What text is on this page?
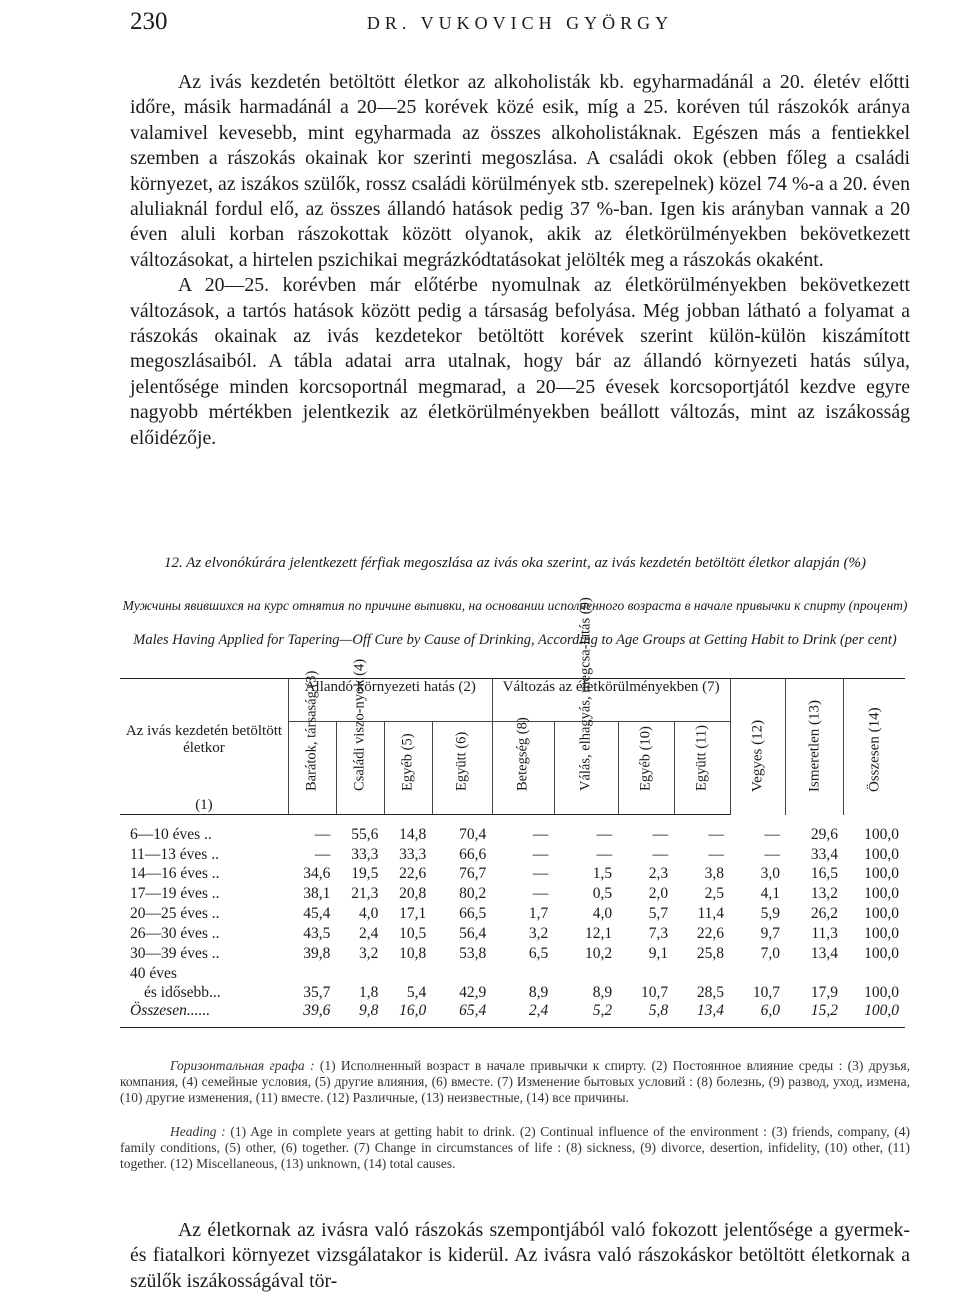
230	DR. VUKOVICH GYÖRGY

Az ivás kezdetén betöltött életkor az alkoholisták kb. egyharmadánál a 20. életév előtti időre, másik harmadánál a 20—25 korévek közé esik, míg a 25. koréven túl rászokók aránya valamivel kevesebb, mint egyharmada az összes alkoholistáknak. Egészen más a fentiekkel szemben a rászokás okainak kor szerinti megoszlása. A családi okok (ebben főleg a családi környezet, az iszákos szülők, rossz családi körülmények stb. szerepelnek) közel 74 %-a a 20. éven aluliaknál fordul elő, az összes állandó hatások pedig 37 %-ban. Igen kis arányban vannak a 20 éven aluli korban rászokottak között olyanok, akik az életkörülményekben bekövetkezett változásokat, a hirtelen pszichikai megrázkódtatásokat jelölték meg a rászokás okaként.

A 20—25. korévben már előtérbe nyomulnak az életkörülményekben bekövetkezett változások, a tartós hatások között pedig a társaság befolyása. Még jobban látható a folyamat a rászokás okainak az ivás kezdetekor betöltött korévek szerint külön-külön kiszámított megoszlásaiból. A tábla adatai arra utalnak, hogy bár az állandó környezeti hatás súlya, jelentősége minden korcsoportnál megmarad, a 20—25 évesek korcsoportjától kezdve egyre nagyobb mértékben jelentkezik az életkörülményekben beállott változás, mint az iszákosság előidézője.

12. Az elvonókúrára jelentkezett férfiak megoszlása az ivás oka szerint, az ivás kezdetén betöltött életkor alapján (%)
Мужчины явившихся на курс отнятия по причине выпивки, на основании исполненного возраста в начале привычки к спирту (процент)
Males Having Applied for Tapering—Off Cure by Cause of Drinking, According to Age Groups at Getting Habit to Drink (per cent)
Az ivás kezdetén betöltött életkor
(1)	Állandó környezeti hatás (2)				Változás az életkörülményekben (7)				Vegyes (12)	Ismeretlen (13)	Összesen (14)

	Barátok, társaság (3)	Családi viszo-nyok (4)	Egyéb (5)	Együtt (6)	Betegség (8)	Válás, elhagyás, megcsa-latás (9)	Egyéb (10)	Együtt (11)			

6—10 éves ..	—	55,6	14,8	70,4	—	—	—	—	—	29,6	100,0
11—13 éves ..	—	33,3	33,3	66,6	—	—	—	—	—	33,4	100,0
14—16 éves ..	34,6	19,5	22,6	76,7	—	1,5	2,3	3,8	3,0	16,5	100,0
17—19 éves ..	38,1	21,3	20,8	80,2	—	0,5	2,0	2,5	4,1	13,2	100,0
20—25 éves ..	45,4	4,0	17,1	66,5	1,7	4,0	5,7	11,4	5,9	26,2	100,0
26—30 éves ..	43,5	2,4	10,5	56,4	3,2	12,1	7,3	22,6	9,7	11,3	100,0
30—39 éves ..	39,8	3,2	10,8	53,8	6,5	10,2	9,1	25,8	7,0	13,4	100,0

40 éves
és idősebb...	35,7	1,8	5,4	42,9	8,9	8,9	10,7	28,5	10,7	17,9	100,0
Összesen......	39,6	9,8	16,0	65,4	2,4	5,2	5,8	13,4	6,0	15,2	100,0

Горизонтальная графа : (1) Исполненный возраст в начале привычки к спирту. (2) Постоянное влияние среды : (3) друзья, компания, (4) семейные условия, (5) другие влияния, (6) вместе. (7) Изменение бытовых условий : (8) болезнь, (9) развод, уход, измена, (10) другие изменения, (11) вместе. (12) Различные, (13) неизвестные, (14) все причины.

Heading : (1) Age in complete years at getting habit to drink. (2) Continual influence of the environment : (3) friends, company, (4) family conditions, (5) other, (6) together. (7) Change in circumstances of life : (8) sickness, (9) divorce, desertion, infidelity, (10) other, (11) together. (12) Miscellaneous, (13) unknown, (14) total causes.

Az életkornak az ivásra való rászokás szempontjából való fokozott jelentősége a gyermek- és fiatalkori környezet vizsgálatakor is kiderül. Az ivásra való rászokáskor betöltött életkornak a szülők iszákosságával tör-
